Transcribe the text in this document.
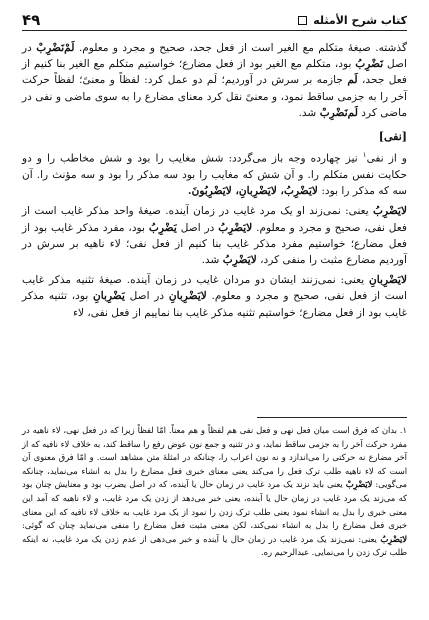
کتاب شرح الأمثله
۴۹

گذشته. صیغهٔ متکلم مع الغیر است از فعل جحد، صحیح و مجرد و معلوم. لَمْ‌نَضْرِبْ در اصل نَضْرِبُ بود، متکلم مع الغیر بود از فعل مضارع؛ خواستیم متکلم مع الغیر بنا کنیم از فعل جحد، لَم جازمه بر سرش در آوردیم؛ لَم دو عمل کرد: لفظاً و معنیً؛ لفظاً حرکت آخر را به جزمی ساقط نمود، و معنیً نقل کرد معنای مضارع را به سوی ماضی و نفی در ماضی کرد لَم‌نَضْرِبْ شد.

[نفی]

و از نفی$^۱$ نیز چهارده وجه باز می‌گردد: شش مغایب را بود و شش مخاطب را و دو حکایت نفس متکلم را. و آن شش که مغایب را بود سه مذکر را بود و سه مؤنث را. آن سه که مذکر را بود: لایَضْرِبُ، لایَضْرِبانِ، لایَضْرِبُونَ.

لایَضْرِبُ یعنی: نمی‌زند او یک مرد غایب در زمان آینده. صیغهٔ واحد مذکر غایب است از فعل نفی، صحیح و مجرد و معلوم. لایَضْرِبُ در اصل یَضْرِبُ بود، مفرد مذکر غایب بود از فعل مضارع؛ خواستیم مفرد مذکر غایب بنا کنیم از فعل نفی؛ لاء ناهیه بر سرش در آوردیم مضارع مثبت را منفی کرد، لایَضْرِبُ شد.

لایَضْرِبانِ یعنی: نمی‌زنند ایشان دو مردان غایب در زمان آینده. صیغهٔ تثنیه مذکر غایب است از فعل نفی، صحیح و مجرد و معلوم. لایَضْرِبانِ در اصل یَضْرِبانِ بود، تثنیه مذکر غایب بود از فعل مضارع؛ خواستیم تثنیه مذکر غایب بنا نماییم از فعل نفی، لاء

۱. بدان که فرق است میان فعل نهی و فعل نفی هم لفظاً و هم معناً. امّا لفظاً زیرا که در فعل نهی، لاء ناهیه در مفرد حرکت آخر را به جزمی ساقط نماید، و در تثنیه و جمع نون عوض رفع را ساقط کند، به خلاف لاء نافیه که از آخر مضارع نه حرکتی را می‌اندازد و نه نون اعراب را، چنانکه در امثلهٔ متن مشاهد است. و امّا فرق معنوی آن است که لاء ناهیه طلب ترک فعل را می‌کند یعنی معنای خبری فعل مضارع را بدل به انشاء می‌نماید، چنانکه می‌گویی: لایَضْرِبْ یعنی باید نزند یک مرد غایب در زمان حال یا آینده، که در اصل یضرب بود و معنایش چنان بود که می‌زند یک مرد غایب در زمان حال یا آینده، یعنی خبر می‌دهد از زدن یک مرد غایب، و لاء ناهیه که آمد این معنی خبری را بدل به انشاء نمود یعنی طلب ترک زدن را نمود از یک مرد غایب به خلاف لاء نافیه که این معنای خبری فعل مضارع را بدل به انشاء نمی‌کند، لکن معنی مثبت فعل مضارع را منفی می‌نماید چنان که گوئی: لایَضْرِبُ یعنی: نمی‌زند یک مرد غایب در زمان حال یا آینده و خبر می‌دهی از عدم زدن یک مرد غایب، نه اینکه طلب ترک زدن را می‌نمایی. عبدالرحیم ره.
